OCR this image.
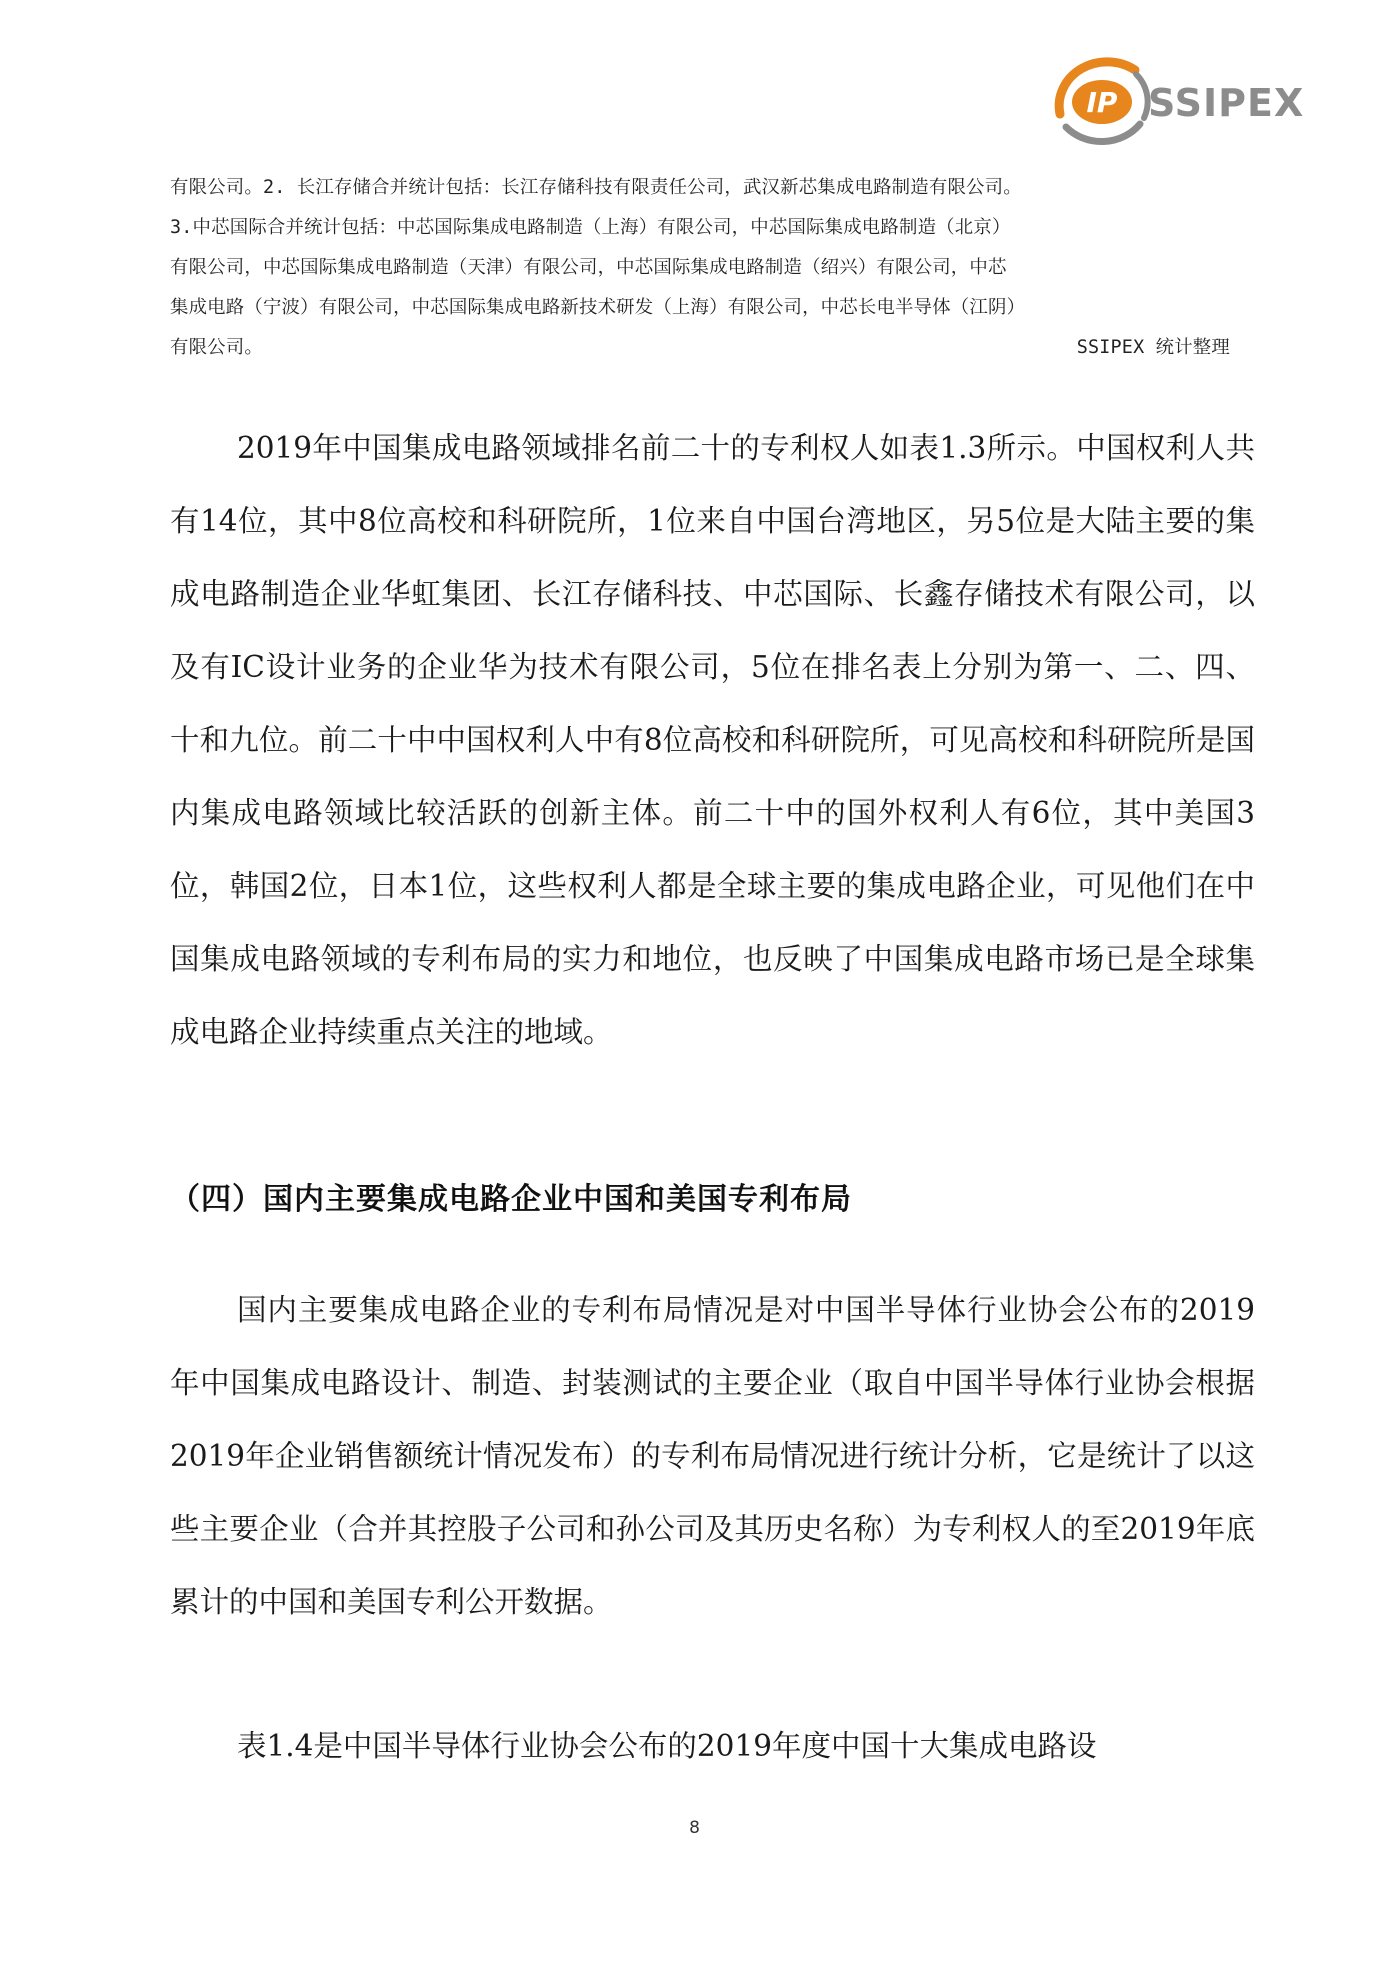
IP SSIPEX
有限公司。2. 长江存储合并统计包括：长江存储科技有限责任公司，武汉新芯集成电路制造有限公司。
3.中芯国际合并统计包括：中芯国际集成电路制造（上海）有限公司，中芯国际集成电路制造（北京）
有限公司，中芯国际集成电路制造（天津）有限公司，中芯国际集成电路制造（绍兴）有限公司，中芯
集成电路（宁波）有限公司，中芯国际集成电路新技术研发（上海）有限公司，中芯长电半导体（江阴）
有限公司。	SSIPEX 统计整理

2019年中国集成电路领域排名前二十的专利权人如表1.3所示。中国权利人共有14位，其中8位高校和科研院所，1位来自中国台湾地区，另5位是大陆主要的集成电路制造企业华虹集团、长江存储科技、中芯国际、长鑫存储技术有限公司，以及有IC设计业务的企业华为技术有限公司，5位在排名表上分别为第一、二、四、十和九位。前二十中中国权利人中有8位高校和科研院所，可见高校和科研院所是国内集成电路领域比较活跃的创新主体。前二十中的国外权利人有6位，其中美国3位，韩国2位，日本1位，这些权利人都是全球主要的集成电路企业，可见他们在中国集成电路领域的专利布局的实力和地位，也反映了中国集成电路市场已是全球集成电路企业持续重点关注的地域。

（四）国内主要集成电路企业中国和美国专利布局

国内主要集成电路企业的专利布局情况是对中国半导体行业协会公布的2019年中国集成电路设计、制造、封装测试的主要企业（取自中国半导体行业协会根据2019年企业销售额统计情况发布）的专利布局情况进行统计分析，它是统计了以这些主要企业（合并其控股子公司和孙公司及其历史名称）为专利权人的至2019年底累计的中国和美国专利公开数据。

表1.4是中国半导体行业协会公布的2019年度中国十大集成电路设

8
